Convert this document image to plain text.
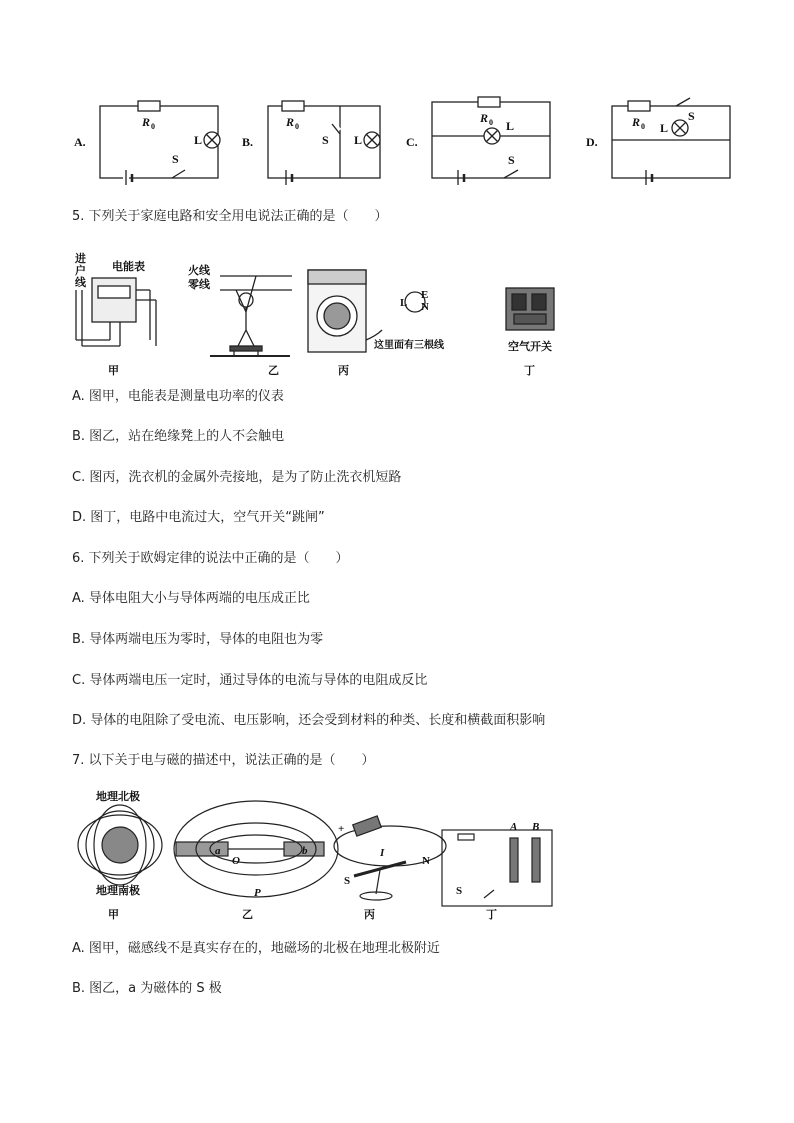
A.
R 0
L
S
B.
R 0
S L	C.
R 0 L
S
D.
R 0 L
S
5. 下列关于家庭电路和安全用电说法正确的是（　　）
进
户
线
电能表
甲
火线
零线
乙
L
E
N
这里面有三根线
丙
空气开关
丁
A. 图甲，电能表是测量电功率的仪表
B. 图乙，站在绝缘凳上的人不会触电
C. 图丙，洗衣机的金属外壳接地，是为了防止洗衣机短路
D. 图丁，电路中电流过大，空气开关“跳闸”
6. 下列关于欧姆定律的说法中正确的是（　　）
A. 导体电阻大小与导体两端的电压成正比
B. 导体两端电压为零时，导体的电阻也为零
C. 导体两端电压一定时，通过导体的电流与导体的电阻成反比
D. 导体的电阻除了受电流、电压影响，还会受到材料的种类、长度和横截面积影响
7. 以下关于电与磁的描述中，说法正确的是（　　）
地理北极
地理南极
甲
a	b
O
P
乙
+
I
S
N
丙
A B
S
丁
A. 图甲，磁感线不是真实存在的，地磁场的北极在地理北极附近
B. 图乙，a 为磁体的 S 极
